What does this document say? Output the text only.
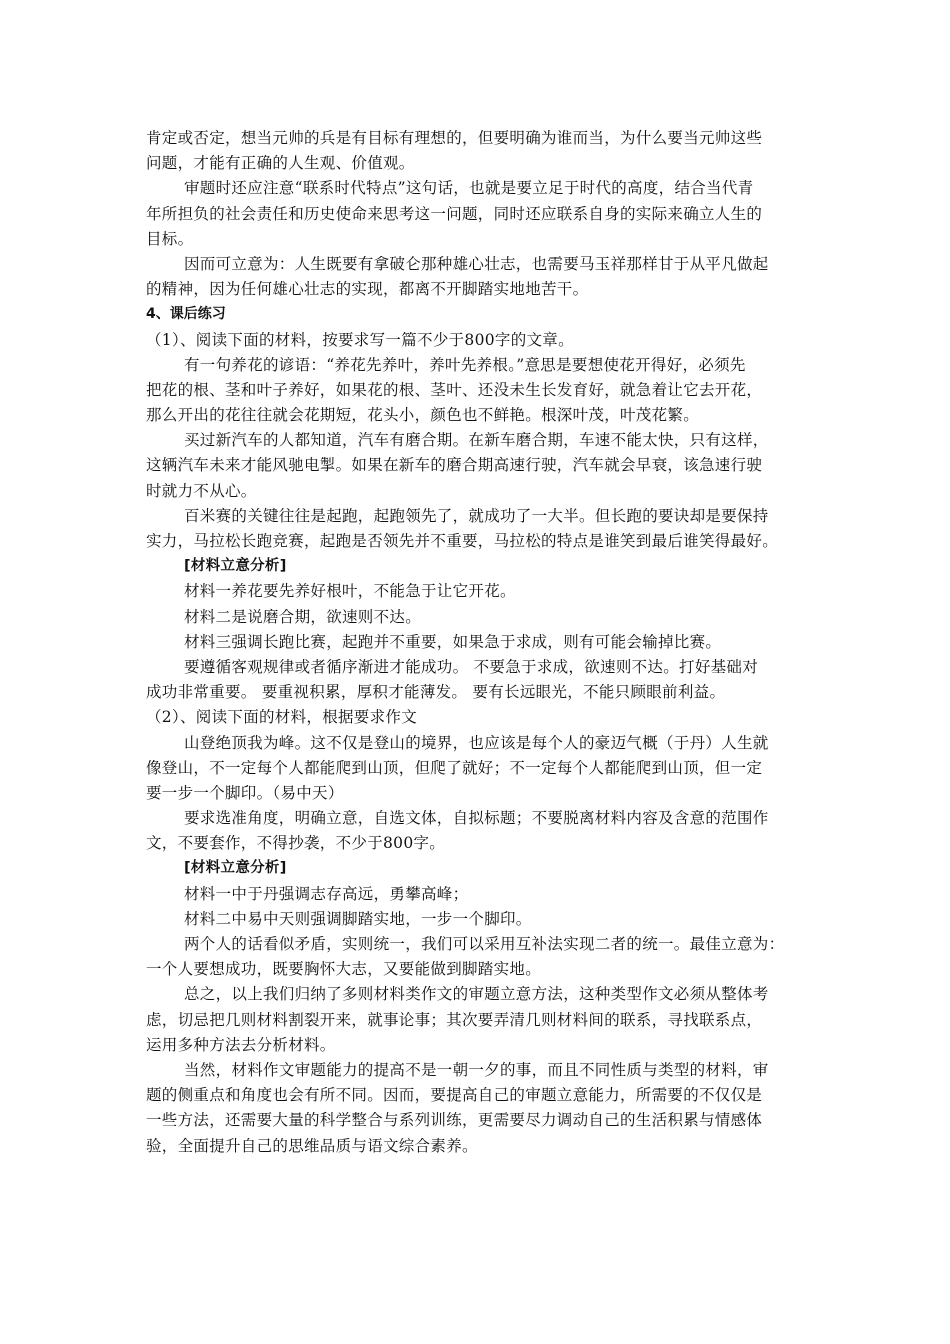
肯定或否定，想当元帅的兵是有目标有理想的，但要明确为谁而当，为什么要当元帅这些
问题，才能有正确的人生观、价值观。
审题时还应注意“联系时代特点”这句话，也就是要立足于时代的高度，结合当代青
年所担负的社会责任和历史使命来思考这一问题，同时还应联系自身的实际来确立人生的
目标。
因而可立意为：人生既要有拿破仑那种雄心壮志，也需要马玉祥那样甘于从平凡做起
的精神，因为任何雄心壮志的实现，都离不开脚踏实地地苦干。
4、课后练习
（1）、阅读下面的材料，按要求写一篇不少于800字的文章。
有一句养花的谚语：“养花先养叶，养叶先养根。”意思是要想使花开得好，必须先
把花的根、茎和叶子养好，如果花的根、茎叶、还没未生长发育好，就急着让它去开花，
那么开出的花往往就会花期短，花头小，颜色也不鲜艳。根深叶茂，叶茂花繁。
买过新汽车的人都知道，汽车有磨合期。在新车磨合期，车速不能太快，只有这样，
这辆汽车未来才能风驰电掣。如果在新车的磨合期高速行驶，汽车就会早衰，该急速行驶
时就力不从心。
百米赛的关键往往是起跑，起跑领先了，就成功了一大半。但长跑的要诀却是要保持
实力，马拉松长跑竞赛，起跑是否领先并不重要，马拉松的特点是谁笑到最后谁笑得最好。
[材料立意分析]
材料一养花要先养好根叶，不能急于让它开花。
材料二是说磨合期，欲速则不达。
材料三强调长跑比赛，起跑并不重要，如果急于求成，则有可能会输掉比赛。
要遵循客观规律或者循序渐进才能成功。 不要急于求成，欲速则不达。打好基础对
成功非常重要。 要重视积累，厚积才能薄发。 要有长远眼光，不能只顾眼前利益。
（2）、阅读下面的材料，根据要求作文
山登绝顶我为峰。这不仅是登山的境界，也应该是每个人的豪迈气概（于丹）人生就
像登山，不一定每个人都能爬到山顶，但爬了就好；不一定每个人都能爬到山顶，但一定
要一步一个脚印。（易中天）
要求选准角度，明确立意，自选文体，自拟标题；不要脱离材料内容及含意的范围作
文，不要套作，不得抄袭，不少于800字。
[材料立意分析]
材料一中于丹强调志存高远，勇攀高峰；
材料二中易中天则强调脚踏实地，一步一个脚印。
两个人的话看似矛盾，实则统一，我们可以采用互补法实现二者的统一。最佳立意为：
一个人要想成功，既要胸怀大志，又要能做到脚踏实地。
总之，以上我们归纳了多则材料类作文的审题立意方法，这种类型作文必须从整体考
虑，切忌把几则材料割裂开来，就事论事；其次要弄清几则材料间的联系，寻找联系点，
运用多种方法去分析材料。
当然，材料作文审题能力的提高不是一朝一夕的事，而且不同性质与类型的材料，审
题的侧重点和角度也会有所不同。因而，要提高自己的审题立意能力，所需要的不仅仅是
一些方法，还需要大量的科学整合与系列训练，更需要尽力调动自己的生活积累与情感体
验，全面提升自己的思维品质与语文综合素养。
